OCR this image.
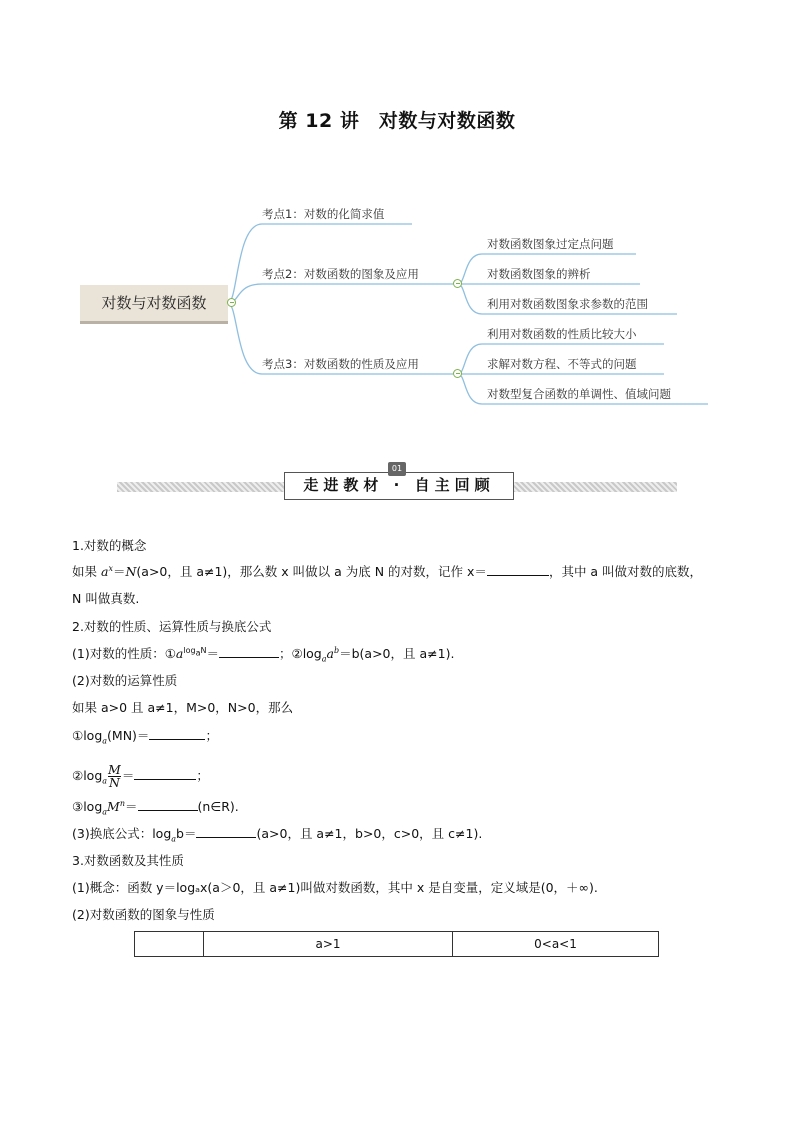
第 12 讲　对数与对数函数
对数与对数函数
考点1：对数的化简求值
考点2：对数函数的图象及应用
考点3：对数函数的性质及应用
对数函数图象过定点问题
对数函数图象的辨析
利用对数函数图象求参数的范围
利用对数函数的性质比较大小
求解对数方程、不等式的问题
对数型复合函数的单调性、值域问题
走进教材 · 自主回顾
01
1.对数的概念
如果 $a^x=N(a>0$，且 a≠1)，那么数 x 叫做以 a 为底 N 的对数，记作 x＝	，其中 a 叫做对数的底数，
N 叫做真数.
2.对数的性质、运算性质与换底公式
(1)对数的性质：$①a^{log_aN}=$	；$②\log_aa^b=b(a>0$，且 a≠1).
(2)对数的运算性质
如果 a>0 且 a≠1，M>0，N>0，那么
$①\log_a(MN)=$	；
$②\log_a \frac{M}{N}$ ＝	；
$③\log_aM^n=$	(n∈R).
(3)换底公式：$\log_ab=$	(a>0，且 a≠1，b>0，c>0，且 c≠1).
3.对数函数及其性质
(1)概念：函数 y＝logₐx(a＞0，且 a≠1)叫做对数函数，其中 x 是自变量，定义域是(0，＋∞).
(2)对数函数的图象与性质
	a>1	0<a<1
